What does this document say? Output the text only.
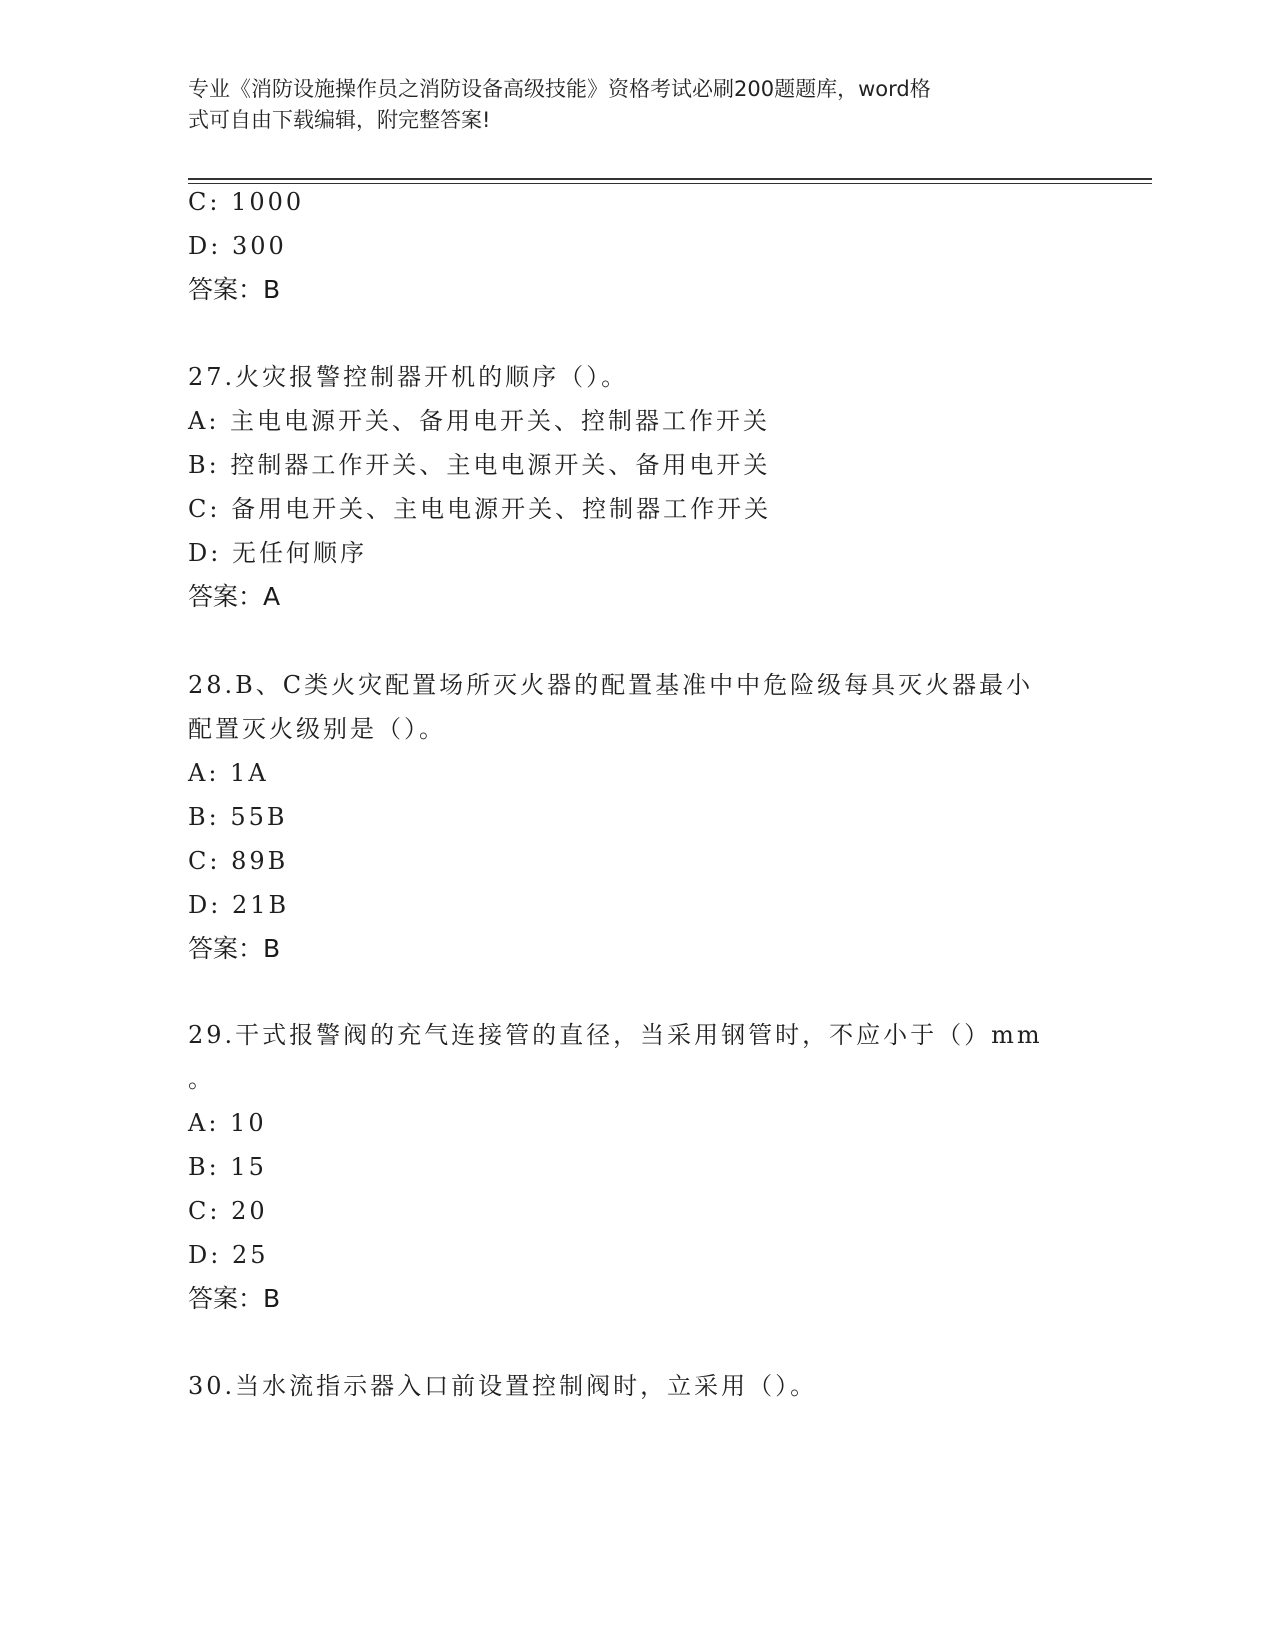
专业《消防设施操作员之消防设备高级技能》资格考试必刷200题题库，word格
式可自由下载编辑，附完整答案!
C: 1000
D: 300
答案：B
27.火灾报警控制器开机的顺序（）。
A: 主电电源开关、备用电开关、控制器工作开关
B: 控制器工作开关、主电电源开关、备用电开关
C: 备用电开关、主电电源开关、控制器工作开关
D: 无任何顺序
答案：A
28.B、C类火灾配置场所灭火器的配置基准中中危险级每具灭火器最小
配置灭火级别是（）。
A: 1A
B: 55B
C: 89B
D: 21B
答案：B
29.干式报警阀的充气连接管的直径，当采用钢管时，不应小于（）mm
。
A: 10
B: 15
C: 20
D: 25
答案：B
30.当水流指示器入口前设置控制阀时，立采用（）。
